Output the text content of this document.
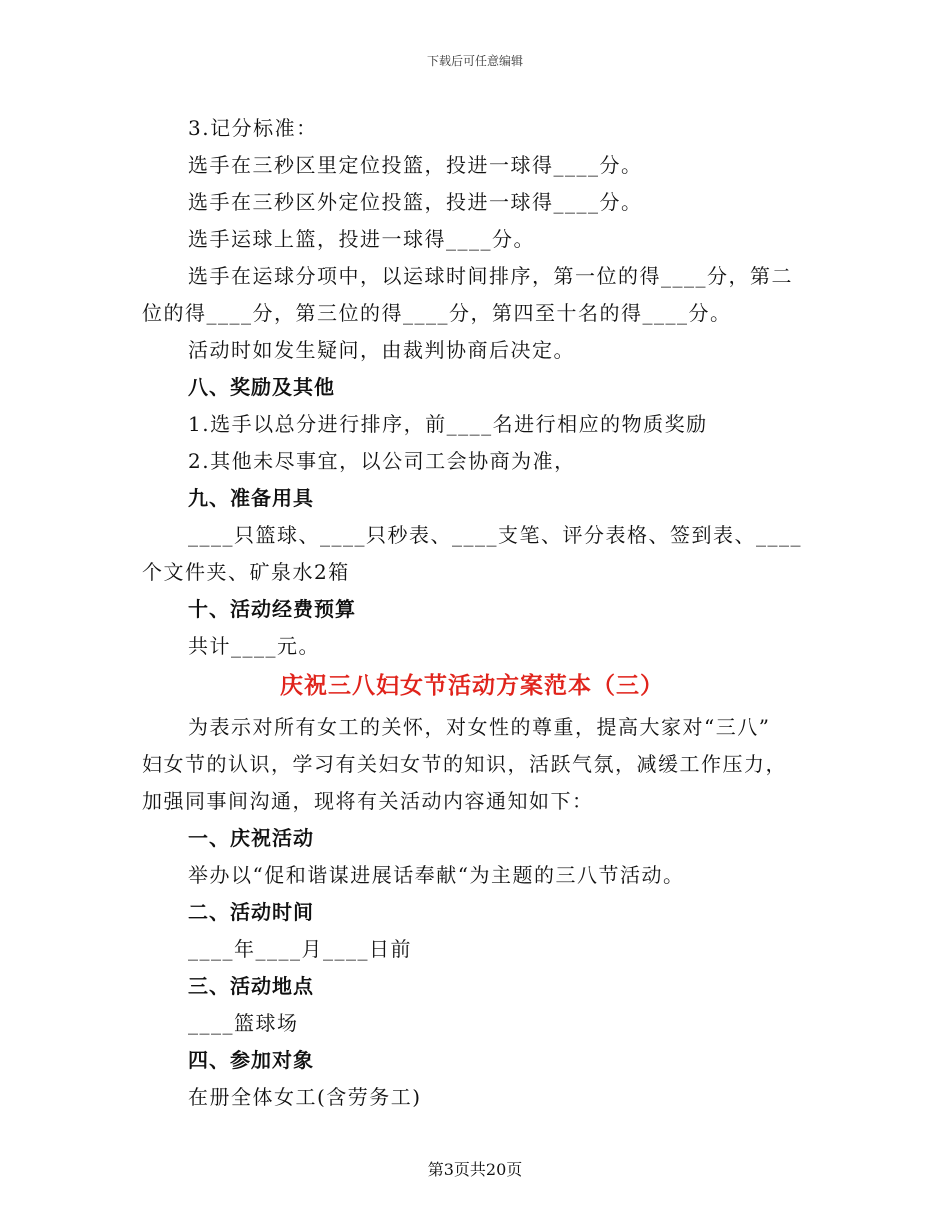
下载后可任意编辑
3.记分标准：
选手在三秒区里定位投篮，投进一球得____分。
选手在三秒区外定位投篮，投进一球得____分。
选手运球上篮，投进一球得____分。
选手在运球分项中，以运球时间排序，第一位的得____分，第二
位的得____分，第三位的得____分，第四至十名的得____分。
活动时如发生疑问，由裁判协商后决定。
八、奖励及其他
1.选手以总分进行排序，前____名进行相应的物质奖励
2.其他未尽事宜，以公司工会协商为准，
九、准备用具
____只篮球、____只秒表、____支笔、评分表格、签到表、____
个文件夹、矿泉水2箱
十、活动经费预算
共计____元。
庆祝三八妇女节活动方案范本（三）
为表示对所有女工的关怀，对女性的尊重，提高大家对“三八”
妇女节的认识，学习有关妇女节的知识，活跃气氛，减缓工作压力，
加强同事间沟通，现将有关活动内容通知如下：
一、庆祝活动
举办以“促和谐谋进展话奉献“为主题的三八节活动。
二、活动时间
____年____月____日前
三、活动地点
____篮球场
四、参加对象
在册全体女工(含劳务工)
第3页共20页
